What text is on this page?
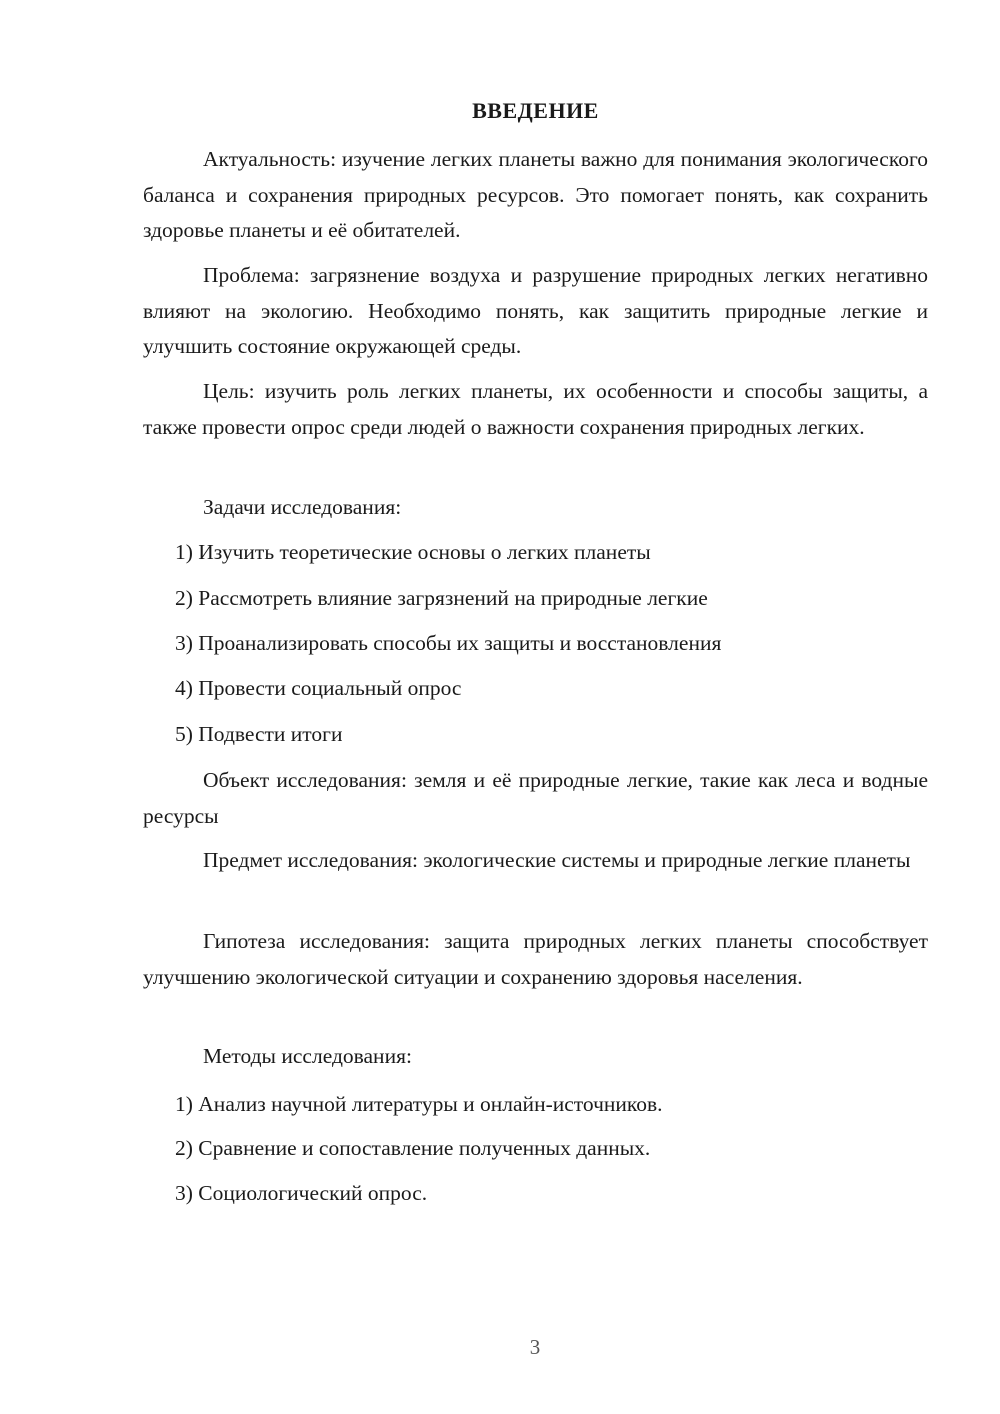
ВВЕДЕНИЕ

Актуальность: изучение легких планеты важно для понимания экологического баланса и сохранения природных ресурсов. Это помогает понять, как сохранить здоровье планеты и её обитателей.

Проблема: загрязнение воздуха и разрушение природных легких негативно влияют на экологию. Необходимо понять, как защитить природные легкие и улучшить состояние окружающей среды.

Цель: изучить роль легких планеты, их особенности и способы защиты, а также провести опрос среди людей о важности сохранения природных легких.

Задачи исследования:

1) Изучить теоретические основы о легких планеты

2) Рассмотреть влияние загрязнений на природные легкие

3) Проанализировать способы их защиты и восстановления

4) Провести социальный опрос

5) Подвести итоги

Объект исследования: земля и её природные легкие, такие как леса и водные ресурсы

Предмет исследования: экологические системы и природные легкие планеты

Гипотеза исследования: защита природных легких планеты способствует улучшению экологической ситуации и сохранению здоровья населения.

Методы исследования:

1) Анализ научной литературы и онлайн-источников.

2) Сравнение и сопоставление полученных данных.

3) Социологический опрос.

3
